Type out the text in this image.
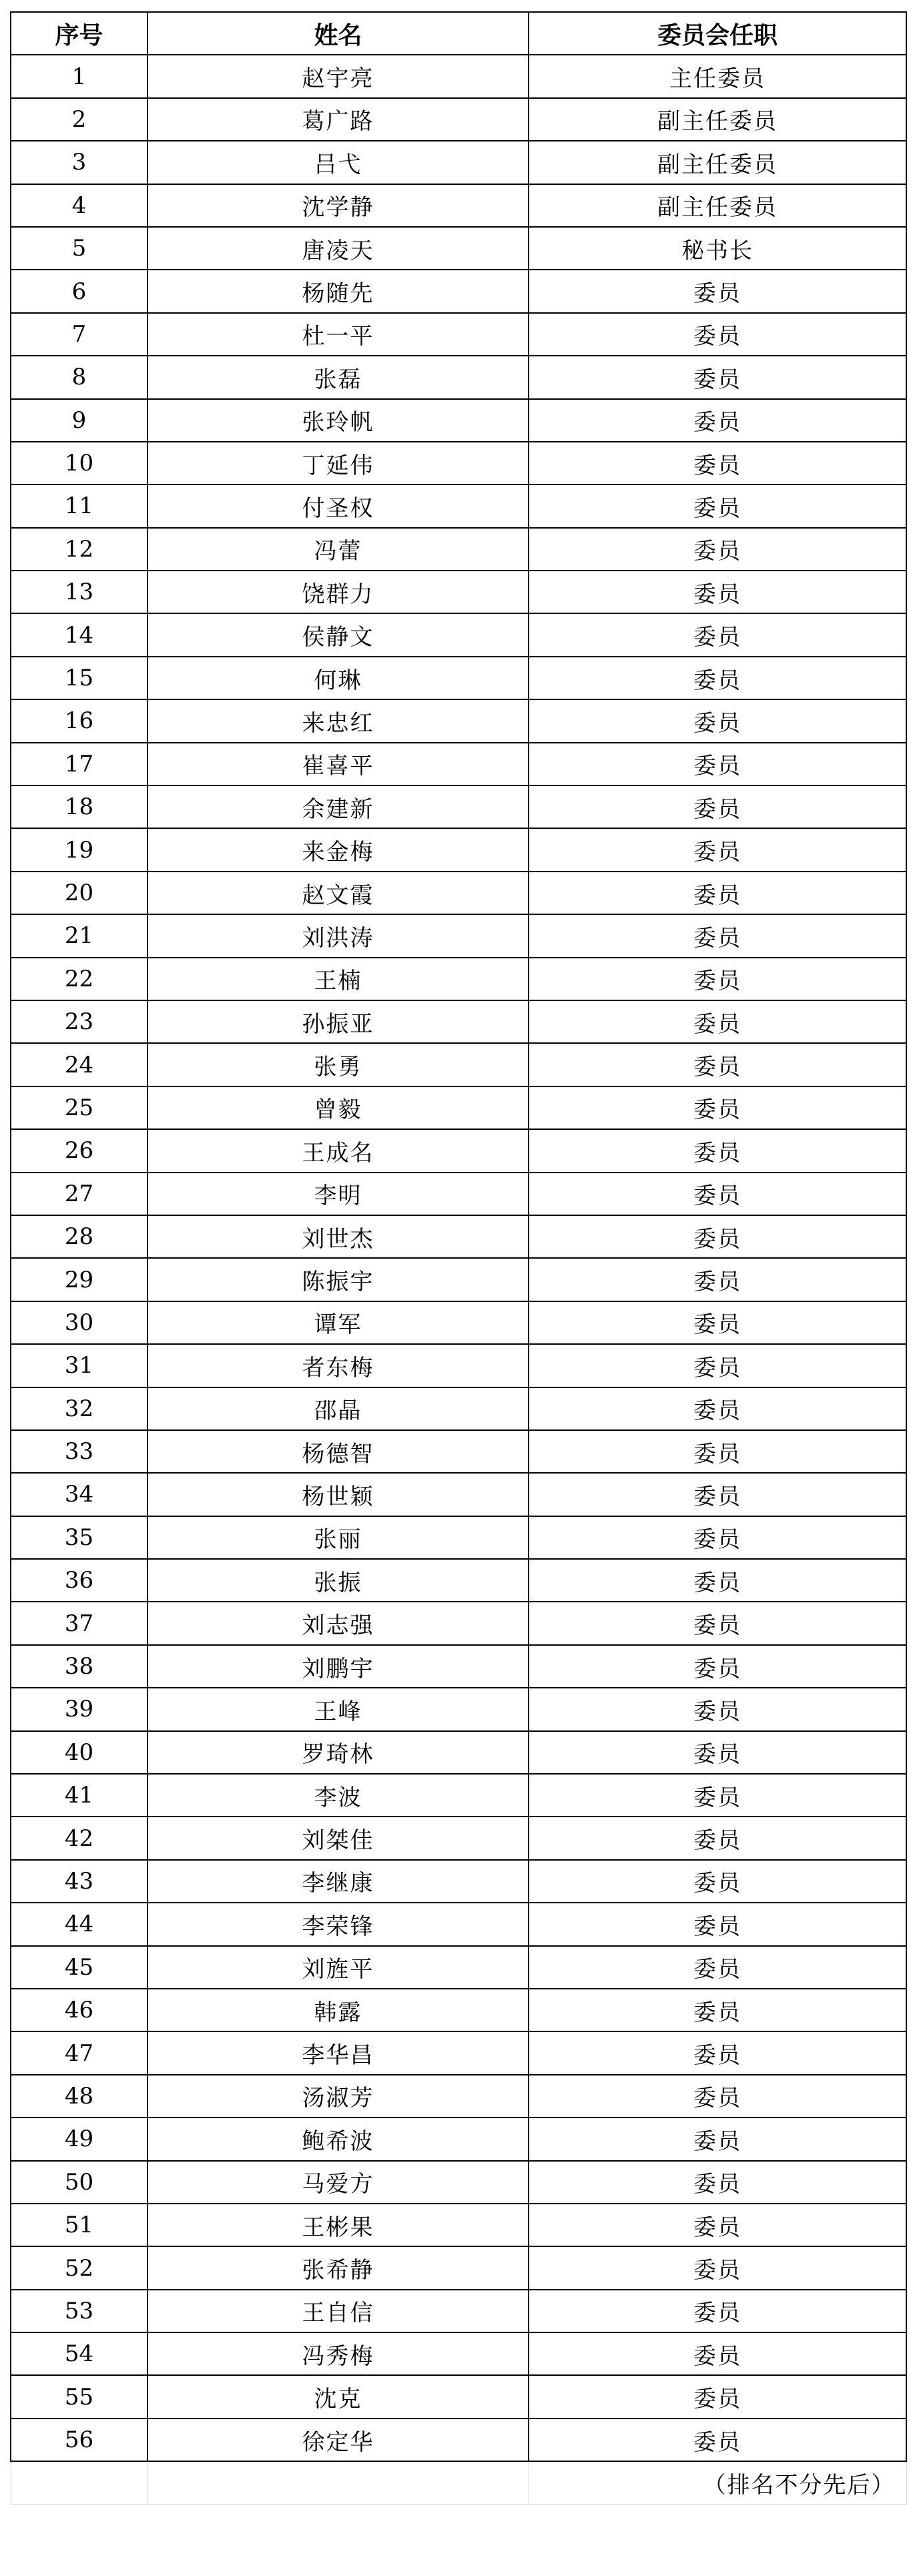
序号	姓名	委员会任职
1	赵宇亮	主任委员
2	葛广路	副主任委员
3	吕弋	副主任委员
4	沈学静	副主任委员
5	唐凌天	秘书长
6	杨随先	委员
7	杜一平	委员
8	张磊	委员
9	张玲帆	委员
10	丁延伟	委员
11	付圣权	委员
12	冯蕾	委员
13	饶群力	委员
14	侯静文	委员
15	何琳	委员
16	来忠红	委员
17	崔喜平	委员
18	余建新	委员
19	来金梅	委员
20	赵文霞	委员
21	刘洪涛	委员
22	王楠	委员
23	孙振亚	委员
24	张勇	委员
25	曾毅	委员
26	王成名	委员
27	李明	委员
28	刘世杰	委员
29	陈振宇	委员
30	谭军	委员
31	者东梅	委员
32	邵晶	委员
33	杨德智	委员
34	杨世颖	委员
35	张丽	委员
36	张振	委员
37	刘志强	委员
38	刘鹏宇	委员
39	王峰	委员
40	罗琦林	委员
41	李波	委员
42	刘桀佳	委员
43	李继康	委员
44	李荣锋	委员
45	刘旌平	委员
46	韩露	委员
47	李华昌	委员
48	汤淑芳	委员
49	鲍希波	委员
50	马爱方	委员
51	王彬果	委员
52	张希静	委员
53	王自信	委员
54	冯秀梅	委员
55	沈克	委员
56	徐定华	委员
		（排名不分先后）
